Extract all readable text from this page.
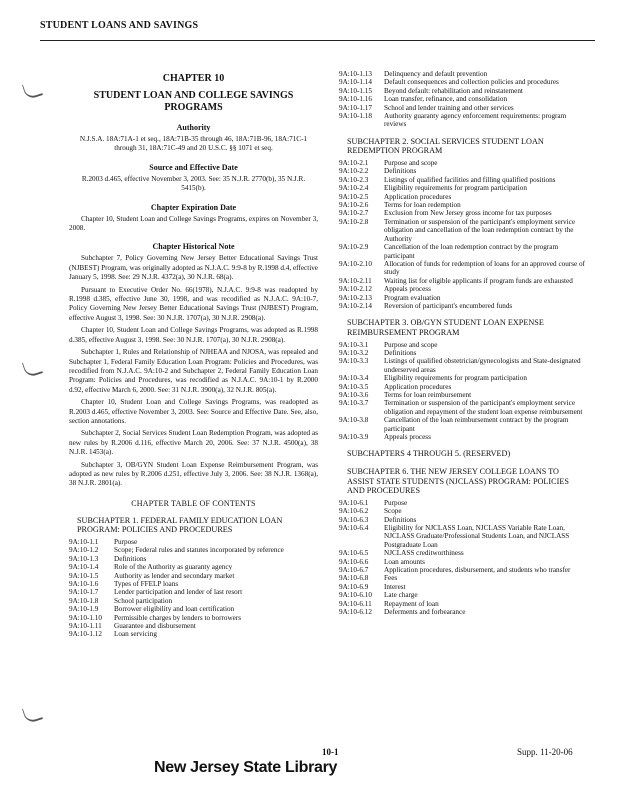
STUDENT LOANS AND SAVINGS
CHAPTER 10
STUDENT LOAN AND COLLEGE SAVINGS PROGRAMS
Authority

N.J.S.A. 18A:71A-1 et seq., 18A:71B-35 through 46, 18A:71B-96, 18A:71C-1 through 31, 18A:71C-49 and 20 U.S.C. §§ 1071 et seq.

Source and Effective Date

R.2003 d.465, effective November 3, 2003. See: 35 N.J.R. 2770(b), 35 N.J.R. 5415(b).

Chapter Expiration Date

Chapter 10, Student Loan and College Savings Programs, expires on November 3, 2008.

Chapter Historical Note

Subchapter 7, Policy Governing New Jersey Better Educational Savings Trust (NJBEST) Program, was originally adopted as N.J.A.C. 9:9-8 by R.1998 d.4, effective January 5, 1998. See: 29 N.J.R. 4372(a), 30 N.J.R. 68(a).

Pursuant to Executive Order No. 66(1978), N.J.A.C. 9:9-8 was readopted by R.1998 d.385, effective June 30, 1998, and was recodified as N.J.A.C. 9A:10-7, Policy Governing New Jersey Better Educational Savings Trust (NJBEST) Program, effective August 3, 1998. See: 30 N.J.R. 1707(a), 30 N.J.R. 2908(a).

Chapter 10, Student Loan and College Savings Programs, was adopted as R.1998 d.385, effective August 3, 1998. See: 30 N.J.R. 1707(a), 30 N.J.R. 2908(a).

Subchapter 1, Rules and Relationship of NJHEAA and NJOSA, was repealed and Subchapter 1, Federal Family Education Loan Program: Policies and Procedures, was recodified from N.J.A.C. 9A:10-2 and Subchapter 2, Federal Family Education Loan Program: Policies and Procedures, was recodified as N.J.A.C. 9A:10-1 by R.2000 d.92, effective March 6, 2000. See: 31 N.J.R. 3900(a), 32 N.J.R. 805(a).

Chapter 10, Student Loan and College Savings Programs, was readopted as R.2003 d.465, effective November 3, 2003. See: Source and Effective Date. See, also, section annotations.

Subchapter 2, Social Services Student Loan Redemption Program, was adopted as new rules by R.2006 d.116, effective March 20, 2006. See: 37 N.J.R. 4500(a), 38 N.J.R. 1453(a).

Subchapter 3, OB/GYN Student Loan Expense Reimbursement Program, was adopted as new rules by R.2006 d.251, effective July 3, 2006. See: 38 N.J.R. 1368(a), 38 N.J.R. 2801(a).

CHAPTER TABLE OF CONTENTS
SUBCHAPTER 1. FEDERAL FAMILY EDUCATION LOAN PROGRAM: POLICIES AND PROCEDURES
9A:10-1.1	Purpose
9A:10-1.2	Scope; Federal rules and statutes incorporated by reference
9A:10-1.3	Definitions
9A:10-1.4	Role of the Authority as guaranty agency
9A:10-1.5	Authority as lender and secondary market
9A:10-1.6	Types of FFELP loans
9A:10-1.7	Lender participation and lender of last resort
9A:10-1.8	School participation
9A:10-1.9	Borrower eligibility and loan certification
9A:10-1.10	Permissible charges by lenders to borrowers
9A:10-1.11	Guarantee and disbursement
9A:10-1.12	Loan servicing
9A:10-1.13	Delinquency and default prevention
9A:10-1.14	Default consequences and collection policies and procedures
9A:10-1.15	Beyond default: rehabilitation and reinstatement
9A:10-1.16	Loan transfer, refinance, and consolidation
9A:10-1.17	School and lender training and other services
9A:10-1.18	Authority guaranty agency enforcement requirements: program reviews
SUBCHAPTER 2. SOCIAL SERVICES STUDENT LOAN REDEMPTION PROGRAM
9A:10-2.1	Purpose and scope
9A:10-2.2	Definitions
9A:10-2.3	Listings of qualified facilities and filling qualified positions
9A:10-2.4	Eligibility requirements for program participation
9A:10-2.5	Application procedures
9A:10-2.6	Terms for loan redemption
9A:10-2.7	Exclusion from New Jersey gross income for tax purposes
9A:10-2.8	Termination or suspension of the participant's employment service obligation and cancellation of the loan redemption contract by the Authority
9A:10-2.9	Cancellation of the loan redemption contract by the program participant
9A:10-2.10	Allocation of funds for redemption of loans for an approved course of study
9A:10-2.11	Waiting list for eligible applicants if program funds are exhausted
9A:10-2.12	Appeals process
9A:10-2.13	Program evaluation
9A:10-2.14	Reversion of participant's encumbered funds
SUBCHAPTER 3. OB/GYN STUDENT LOAN EXPENSE REIMBURSEMENT PROGRAM
9A:10-3.1	Purpose and scope
9A:10-3.2	Definitions
9A:10-3.3	Listings of qualified obstetrician/gynecologists and State-designated underserved areas
9A:10-3.4	Eligibility requirements for program participation
9A:10-3.5	Application procedures
9A:10-3.6	Terms for loan reimbursement
9A:10-3.7	Termination or suspension of the participant's employment service obligation and repayment of the student loan expense reimbursement
9A:10-3.8	Cancellation of the loan reimbursement contract by the program participant
9A:10-3.9	Appeals process
SUBCHAPTERS 4 THROUGH 5. (RESERVED)
SUBCHAPTER 6. THE NEW JERSEY COLLEGE LOANS TO ASSIST STATE STUDENTS (NJCLASS) PROGRAM: POLICIES AND PROCEDURES
9A:10-6.1	Purpose
9A:10-6.2	Scope
9A:10-6.3	Definitions
9A:10-6.4	Eligibility for NJCLASS Loan, NJCLASS Variable Rate Loan, NJCLASS Graduate/Professional Students Loan, and NJCLASS Postgraduate Loan
9A:10-6.5	NJCLASS creditworthiness
9A:10-6.6	Loan amounts
9A:10-6.7	Application procedures, disbursement, and students who transfer
9A:10-6.8	Fees
9A:10-6.9	Interest
9A:10-6.10	Late charge
9A:10-6.11	Repayment of loan
9A:10-6.12	Deferments and forbearance
10-1	Supp. 11-20-06
New Jersey State Library
